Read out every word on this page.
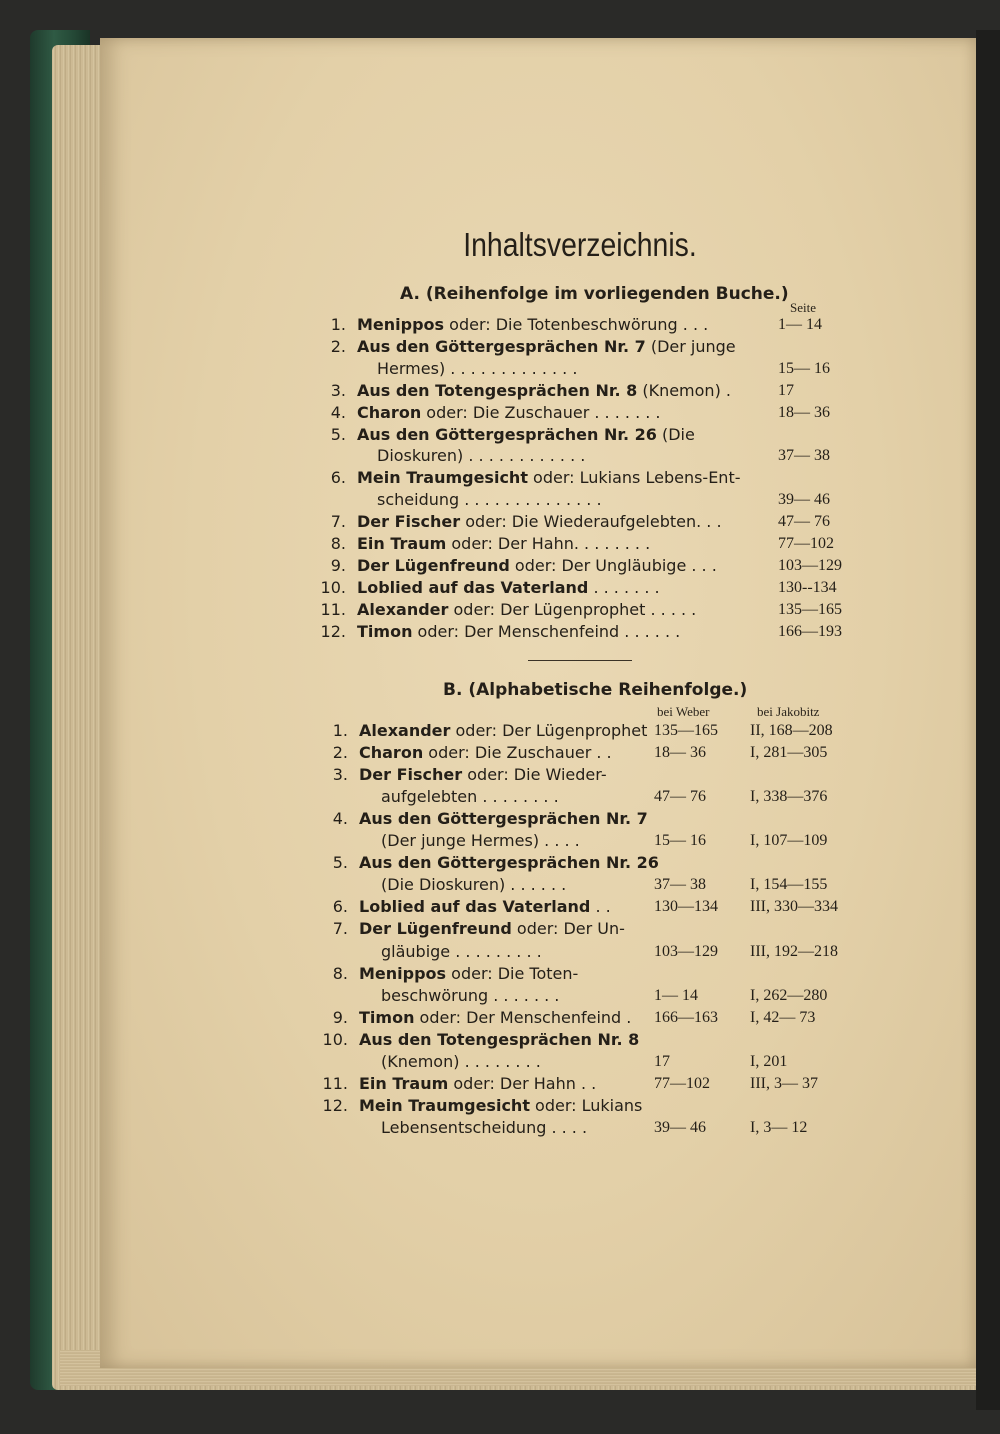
Inhaltsverzeichnis.
A. (Reihenfolge im vorliegenden Buche.)
Seite
1. Menippos oder: Die Totenbeschwörung . . .	1— 14
2. Aus den Göttergesprächen Nr. 7 (Der junge
Hermes) . . . . . . . . . . . . .	15— 16
3. Aus den Totengesprächen Nr. 8 (Knemon) .	17
4. Charon oder: Die Zuschauer . . . . . . .	18— 36
5. Aus den Göttergesprächen Nr. 26 (Die
Dioskuren) . . . . . . . . . . . .	37— 38
6. Mein Traumgesicht oder: Lukians Lebens-Ent-
scheidung . . . . . . . . . . . . . .	39— 46
7. Der Fischer oder: Die Wiederaufgelebten. . .	47— 76
8. Ein Traum oder: Der Hahn. . . . . . . .	77—102
9. Der Lügenfreund oder: Der Ungläubige . . .	103—129
10. Loblied auf das Vaterland . . . . . . .	130--134
11. Alexander oder: Der Lügenprophet . . . . .	135—165
12. Timon oder: Der Menschenfeind . . . . . .	166—193
B. (Alphabetische Reihenfolge.)
bei Weber	bei Jakobitz
1. Alexander oder: Der Lügenprophet 135—165 II, 168—208
2. Charon oder: Die Zuschauer . .	18— 36	I, 281—305
3. Der Fischer oder: Die Wieder-
aufgelebten . . . . . . . .	47— 76	I, 338—376
4. Aus den Göttergesprächen Nr. 7
(Der junge Hermes) . . . .	15— 16	I, 107—109
5. Aus den Göttergesprächen Nr. 26
(Die Dioskuren) . . . . . .	37— 38	I, 154—155
6. Loblied auf das Vaterland . .	130—134 III, 330—334
7. Der Lügenfreund oder: Der Un-
gläubige . . . . . . . . .	103—129 III, 192—218
8. Menippos oder: Die Toten-
beschwörung . . . . . . .	1— 14	I, 262—280
9. Timon oder: Der Menschenfeind . 166—163 I, 42— 73
10. Aus den Totengesprächen Nr. 8
(Knemon) . . . . . . . .	17	I, 201
11. Ein Traum oder: Der Hahn . .	77—102	III, 3— 37
12. Mein Traumgesicht oder: Lukians
Lebensentscheidung . . . .	39— 46	I, 3— 12
